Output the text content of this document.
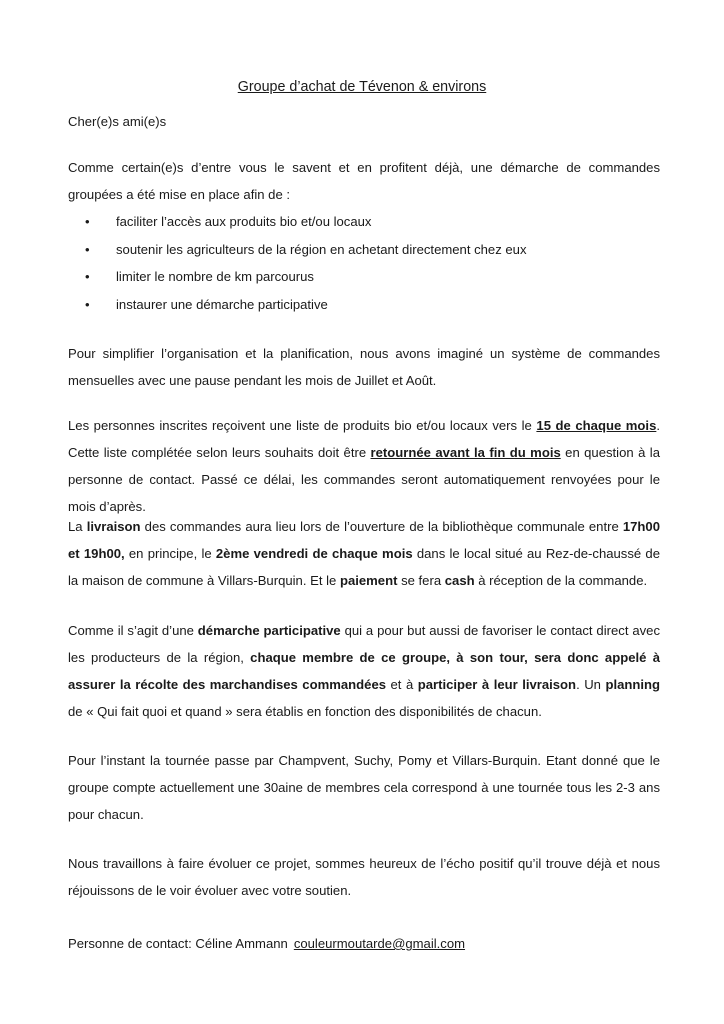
Groupe d’achat de Tévenon & environs
Cher(e)s ami(e)s
Comme certain(e)s d’entre vous le savent et en profitent déjà, une démarche de commandes groupées a été mise en place afin de :
• faciliter l’accès aux produits bio et/ou locaux
• soutenir les agriculteurs de la région en achetant directement chez eux
• limiter le nombre de km parcourus
• instaurer une démarche participative
Pour simplifier l’organisation et la planification, nous avons imaginé un système de commandes mensuelles avec une pause pendant les mois de Juillet et Août.
Les personnes inscrites reçoivent une liste de produits bio et/ou locaux vers le 15 de chaque mois. Cette liste complétée selon leurs souhaits doit être retournée avant la fin du mois en question à la personne de contact. Passé ce délai, les commandes seront automatiquement renvoyées pour le mois d’après.
La livraison des commandes aura lieu lors de l’ouverture de la bibliothèque communale entre 17h00 et 19h00, en principe, le 2ème vendredi de chaque mois dans le local situé au Rez-de-chaussé de la maison de commune à Villars-Burquin. Et le paiement se fera cash à réception de la commande.
Comme il s’agit d’une démarche participative qui a pour but aussi de favoriser le contact direct avec les producteurs de la région, chaque membre de ce groupe, à son tour, sera donc appelé à assurer la récolte des marchandises commandées et à participer à leur livraison. Un planning de « Qui fait quoi et quand » sera établis en fonction des disponibilités de chacun.
Pour l’instant la tournée passe par Champvent, Suchy, Pomy et Villars-Burquin. Etant donné que le groupe compte actuellement une 30aine de membres cela correspond à une tournée tous les 2-3 ans pour chacun.
Nous travaillons à faire évoluer ce projet, sommes heureux de l’écho positif qu’il trouve déjà et nous réjouissons de le voir évoluer avec votre soutien.
Personne de contact: Céline Ammann couleurmoutarde@gmail.com
